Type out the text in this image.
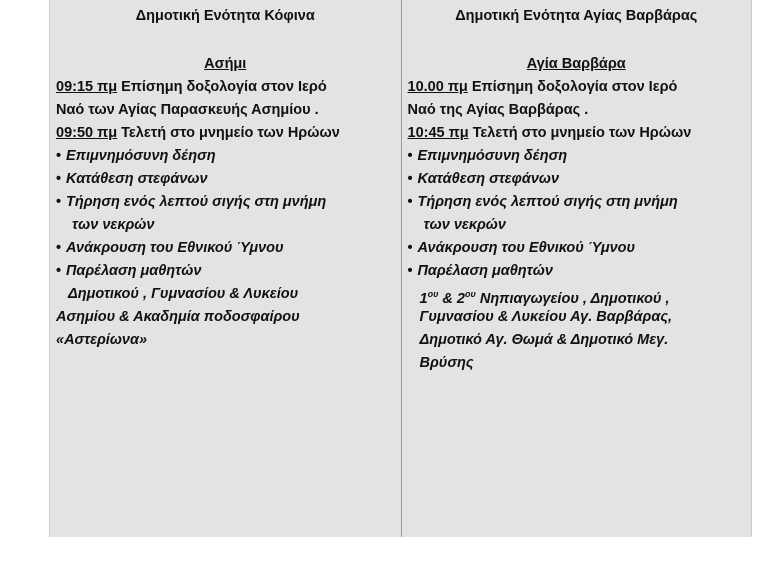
Δημοτική Ενότητα Κόφινα
Ασήμι
09:15 πμ Επίσημη δοξολογία στον Ιερό
Ναό των Αγίας Παρασκευής Ασημίου .
09:50 πμ Τελετή στο μνημείο των Ηρώων
• Επιμνημόσυνη δέηση
• Κατάθεση στεφάνων
• Τήρηση ενός λεπτού σιγής στη μνήμη
των νεκρών
• Ανάκρουση του Εθνικού Ύμνου
• Παρέλαση μαθητών
Δημοτικού , Γυμνασίου & Λυκείου
Ασημίου & Ακαδημία ποδοσφαίρου
«Αστερίωνα»
Δημοτική Ενότητα Αγίας Βαρβάρας
Αγία Βαρβάρα
10.00 πμ Επίσημη δοξολογία στον Ιερό
Ναό της Αγίας Βαρβάρας .
10:45 πμ Τελετή στο μνημείο των Ηρώων
• Επιμνημόσυνη δέηση
• Κατάθεση στεφάνων
• Τήρηση ενός λεπτού σιγής στη μνήμη
των νεκρών
• Ανάκρουση του Εθνικού Ύμνου
• Παρέλαση μαθητών
$1^{o\upsilon}$ & $2^{o\upsilon}$ Νηπιαγωγείου , Δημοτικού ,
Γυμνασίου & Λυκείου Αγ. Βαρβάρας,
Δημοτικό Αγ. Θωμά & Δημοτικό Μεγ.
Βρύσης
